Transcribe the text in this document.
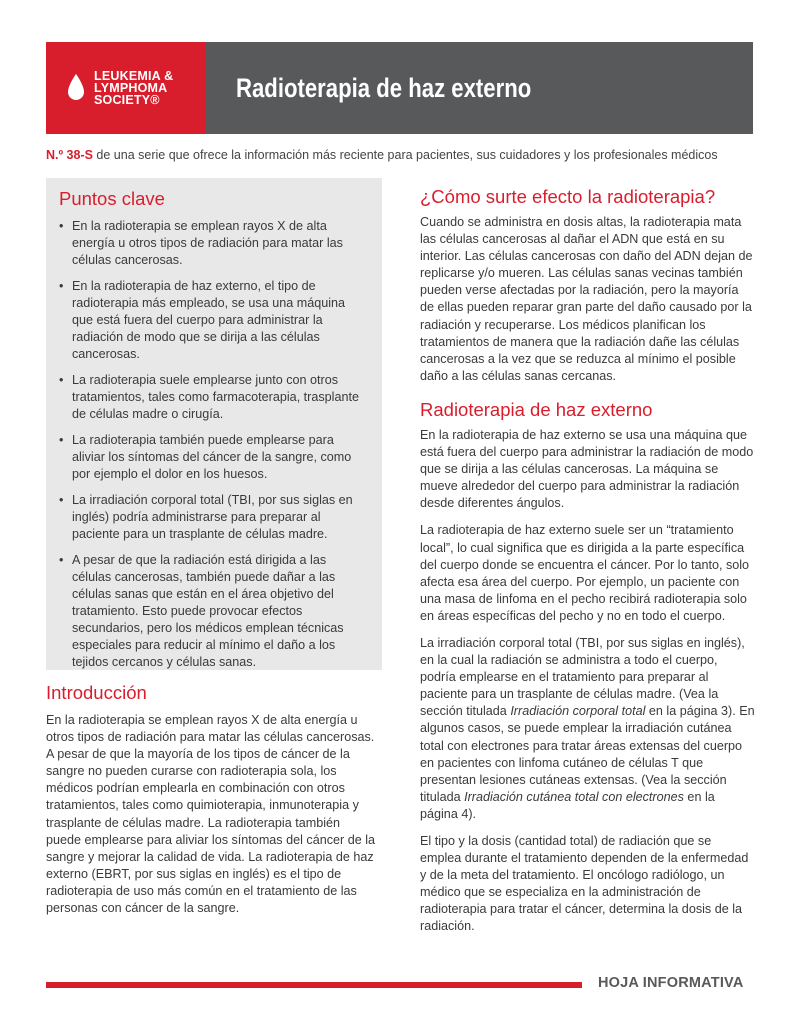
LEUKEMIA &
LYMPHOMA
SOCIETY®	Radioterapia de haz externo
N.º 38-S de una serie que ofrece la información más reciente para pacientes, sus cuidadores y los profesionales médicos
Puntos clave
• En la radioterapia se emplean rayos X de alta energía u otros tipos de radiación para matar las células cancerosas.
• En la radioterapia de haz externo, el tipo de radioterapia más empleado, se usa una máquina que está fuera del cuerpo para administrar la radiación de modo que se dirija a las células cancerosas.
• La radioterapia suele emplearse junto con otros tratamientos, tales como farmacoterapia, trasplante de células madre o cirugía.
• La radioterapia también puede emplearse para aliviar los síntomas del cáncer de la sangre, como por ejemplo el dolor en los huesos.
• La irradiación corporal total (TBI, por sus siglas en inglés) podría administrarse para preparar al paciente para un trasplante de células madre.
• A pesar de que la radiación está dirigida a las células cancerosas, también puede dañar a las células sanas que están en el área objetivo del tratamiento. Esto puede provocar efectos secundarios, pero los médicos emplean técnicas especiales para reducir al mínimo el daño a los tejidos cercanos y células sanas.
Introducción

En la radioterapia se emplean rayos X de alta energía u otros tipos de radiación para matar las células cancerosas. A pesar de que la mayoría de los tipos de cáncer de la sangre no pueden curarse con radioterapia sola, los médicos podrían emplearla en combinación con otros tratamientos, tales como quimioterapia, inmunoterapia y trasplante de células madre. La radioterapia también puede emplearse para aliviar los síntomas del cáncer de la sangre y mejorar la calidad de vida. La radioterapia de haz externo (EBRT, por sus siglas en inglés) es el tipo de radioterapia de uso más común en el tratamiento de las personas con cáncer de la sangre.

¿Cómo surte efecto la radioterapia?

Cuando se administra en dosis altas, la radioterapia mata las células cancerosas al dañar el ADN que está en su interior. Las células cancerosas con daño del ADN dejan de replicarse y/o mueren. Las células sanas vecinas también pueden verse afectadas por la radiación, pero la mayoría de ellas pueden reparar gran parte del daño causado por la radiación y recuperarse. Los médicos planifican los tratamientos de manera que la radiación dañe las células cancerosas a la vez que se reduzca al mínimo el posible daño a las células sanas cercanas.

Radioterapia de haz externo

En la radioterapia de haz externo se usa una máquina que está fuera del cuerpo para administrar la radiación de modo que se dirija a las células cancerosas. La máquina se mueve alrededor del cuerpo para administrar la radiación desde diferentes ángulos.

La radioterapia de haz externo suele ser un “tratamiento local”, lo cual significa que es dirigida a la parte específica del cuerpo donde se encuentra el cáncer. Por lo tanto, solo afecta esa área del cuerpo. Por ejemplo, un paciente con una masa de linfoma en el pecho recibirá radioterapia solo en áreas específicas del pecho y no en todo el cuerpo.

La irradiación corporal total (TBI, por sus siglas en inglés), en la cual la radiación se administra a todo el cuerpo, podría emplearse en el tratamiento para preparar al paciente para un trasplante de células madre. (Vea la sección titulada Irradiación corporal total en la página 3). En algunos casos, se puede emplear la irradiación cutánea total con electrones para tratar áreas extensas del cuerpo en pacientes con linfoma cutáneo de células T que presentan lesiones cutáneas extensas. (Vea la sección titulada Irradiación cutánea total con electrones en la página 4).

El tipo y la dosis (cantidad total) de radiación que se emplea durante el tratamiento dependen de la enfermedad y de la meta del tratamiento. El oncólogo radiólogo, un médico que se especializa en la administración de radioterapia para tratar el cáncer, determina la dosis de la radiación.

HOJA INFORMATIVA
